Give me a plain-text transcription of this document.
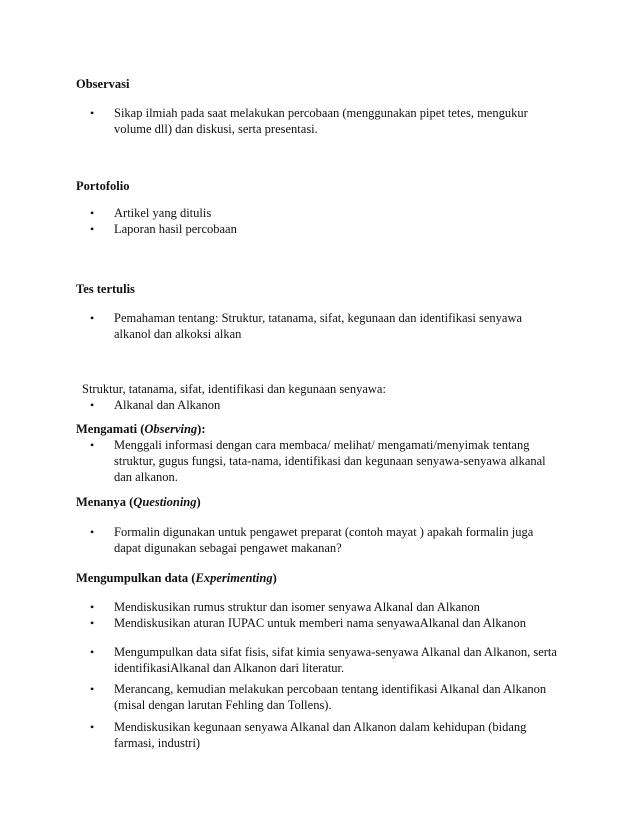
Observasi
•	Sikap ilmiah pada saat melakukan percobaan (menggunakan pipet tetes, mengukur volume dll) dan diskusi, serta presentasi.
Portofolio
•	Artikel yang ditulis
•	Laporan hasil percobaan
Tes tertulis
•	Pemahaman tentang: Struktur, tatanama, sifat, kegunaan dan identifikasi senyawa alkanol dan alkoksi alkan
Struktur, tatanama, sifat, identifikasi dan kegunaan senyawa:
•	Alkanal dan Alkanon
Mengamati (Observing):
•	Menggali informasi dengan cara membaca/ melihat/ mengamati/menyimak tentang struktur, gugus fungsi, tata-nama, identifikasi dan kegunaan senyawa-senyawa alkanal dan alkanon.
Menanya (Questioning)
•	Formalin digunakan untuk pengawet preparat (contoh mayat ) apakah formalin juga dapat digunakan sebagai pengawet makanan?
Mengumpulkan data (Experimenting)
•	Mendiskusikan rumus struktur dan isomer senyawa Alkanal dan Alkanon
•	Mendiskusikan aturan IUPAC untuk memberi nama senyawaAlkanal dan Alkanon
•	Mengumpulkan data sifat fisis, sifat kimia senyawa-senyawa Alkanal dan Alkanon, serta identifikasiAlkanal dan Alkanon dari literatur.
•	Merancang, kemudian melakukan percobaan tentang identifikasi Alkanal dan Alkanon (misal dengan larutan Fehling dan Tollens).
•	Mendiskusikan kegunaan senyawa Alkanal dan Alkanon dalam kehidupan (bidang farmasi, industri)
